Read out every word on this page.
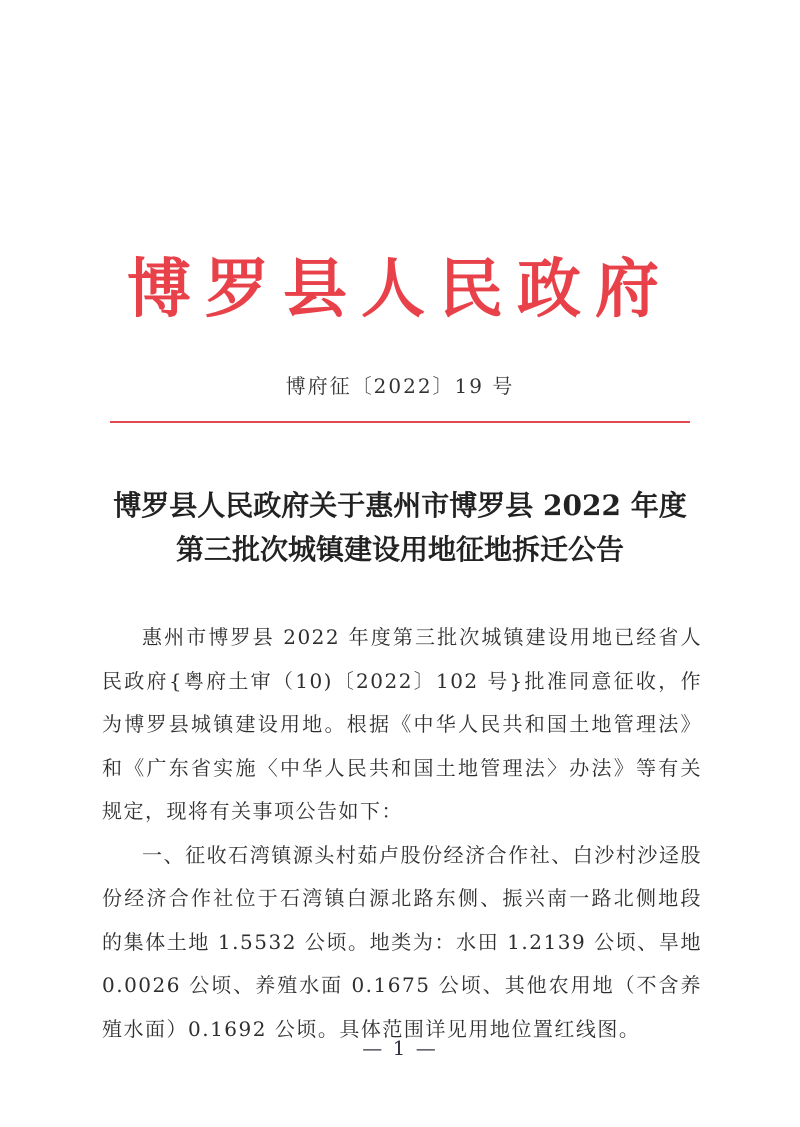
博罗县人民政府
博府征〔2022〕19 号
博罗县人民政府关于惠州市博罗县 2022 年度
第三批次城镇建设用地征地拆迁公告

惠州市博罗县 2022 年度第三批次城镇建设用地已经省人民政府{粤府土审（10)〔2022〕102 号}批准同意征收，作为博罗县城镇建设用地。根据《中华人民共和国土地管理法》和《广东省实施〈中华人民共和国土地管理法〉办法》等有关规定，现将有关事项公告如下：

一、征收石湾镇源头村茹卢股份经济合作社、白沙村沙迳股份经济合作社位于石湾镇白源北路东侧、振兴南一路北侧地段的集体土地 1.5532 公顷。地类为：水田 1.2139 公顷、旱地 0.0026 公顷、养殖水面 0.1675 公顷、其他农用地（不含养殖水面）0.1692 公顷。具体范围详见用地位置红线图。

— 1 —
